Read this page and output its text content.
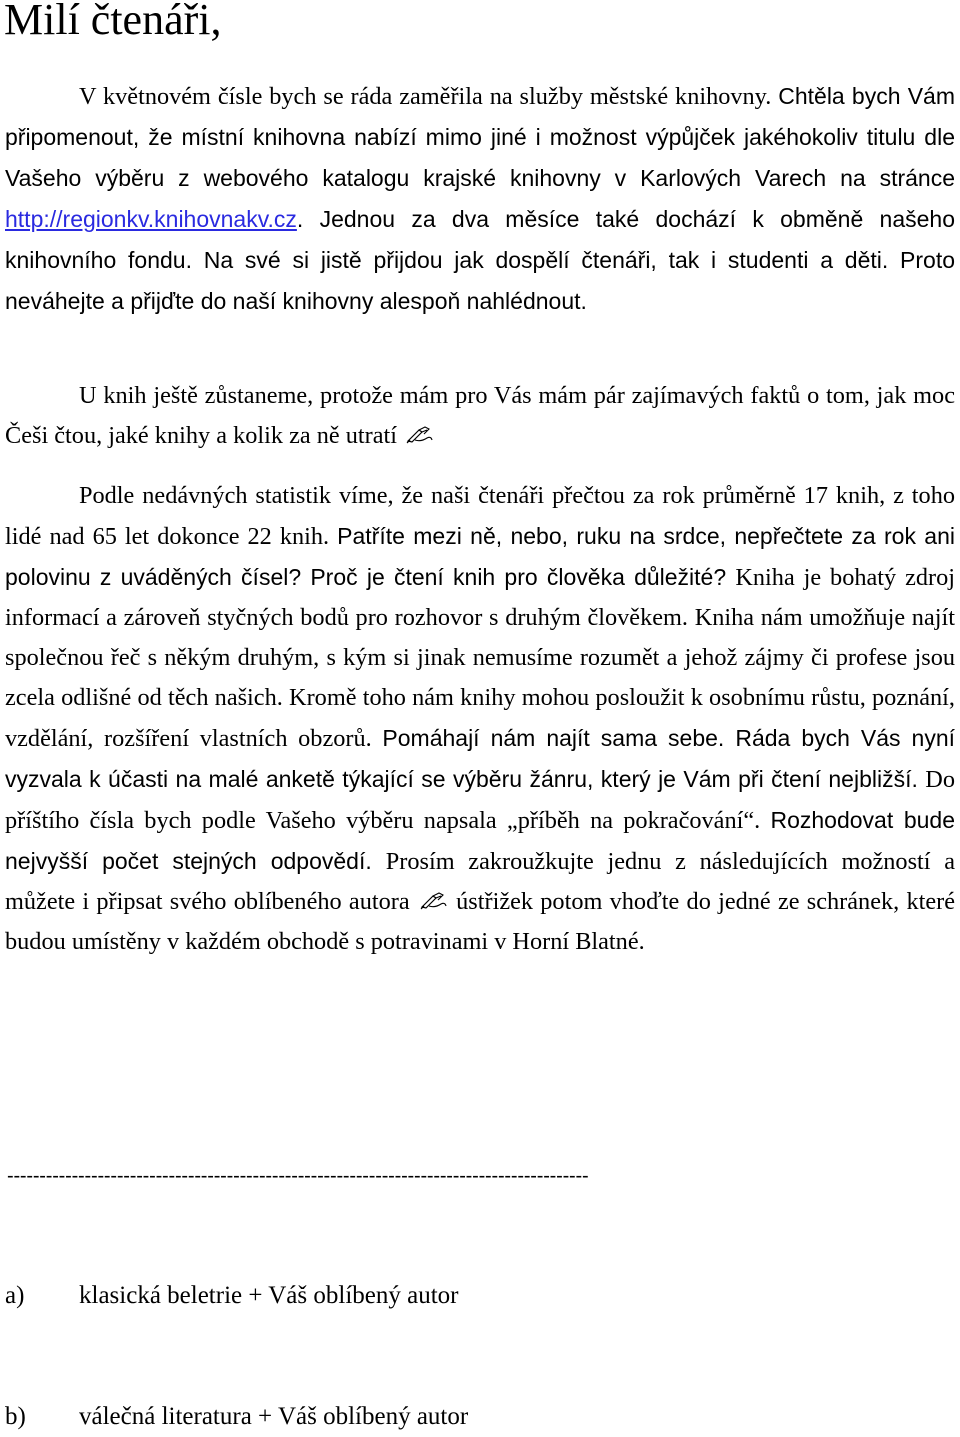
Milí čtenáři,

V květnovém čísle bych se ráda zaměřila na služby městské knihovny. Chtěla bych Vám připomenout, že místní knihovna nabízí mimo jiné i možnost výpůjček jakéhokoliv titulu dle Vašeho výběru z webového katalogu krajské knihovny v Karlových Varech na stránce http://regionkv.knihovnakv.cz. Jednou za dva měsíce také dochází k obměně našeho knihovního fondu. Na své si jistě přijdou jak dospělí čtenáři, tak i studenti a děti. Proto neváhejte a přijďte do naší knihovny alespoň nahlédnout.

U knih ještě zůstaneme, protože mám pro Vás mám pár zajímavých faktů o tom, jak moc Češi čtou, jaké knihy a kolik za ně utratí

Podle nedávných statistik víme, že naši čtenáři přečtou za rok průměrně 17 knih, z toho lidé nad 65 let dokonce 22 knih. Patříte mezi ně, nebo, ruku na srdce, nepřečtete za rok ani polovinu z uváděných čísel? Proč je čtení knih pro člověka důležité? Kniha je bohatý zdroj informací a zároveň styčných bodů pro rozhovor s druhým člověkem. Kniha nám umožňuje najít společnou řeč s někým druhým, s kým si jinak nemusíme rozumět a jehož zájmy či profese jsou zcela odlišné od těch našich. Kromě toho nám knihy mohou posloužit k osobnímu růstu, poznání, vzdělání, rozšíření vlastních obzorů. Pomáhají nám najít sama sebe. Ráda bych Vás nyní vyzvala k účasti na malé anketě týkající se výběru žánru, který je Vám při čtení nejbližší. Do příštího čísla bych podle Vašeho výběru napsala „příběh na pokračování“. Rozhodovat bude nejvyšší počet stejných odpovědí. Prosím zakroužkujte jednu z následujících možností a můžete i připsat svého oblíbeného autora  ústřižek potom vhoďte do jedné ze schránek, které budou umístěny v každém obchodě s potravinami v Horní Blatné.

------------------------------------------------------------------------------------------

a) klasická beletrie + Váš oblíbený autor

b) válečná literatura + Váš oblíbený autor
